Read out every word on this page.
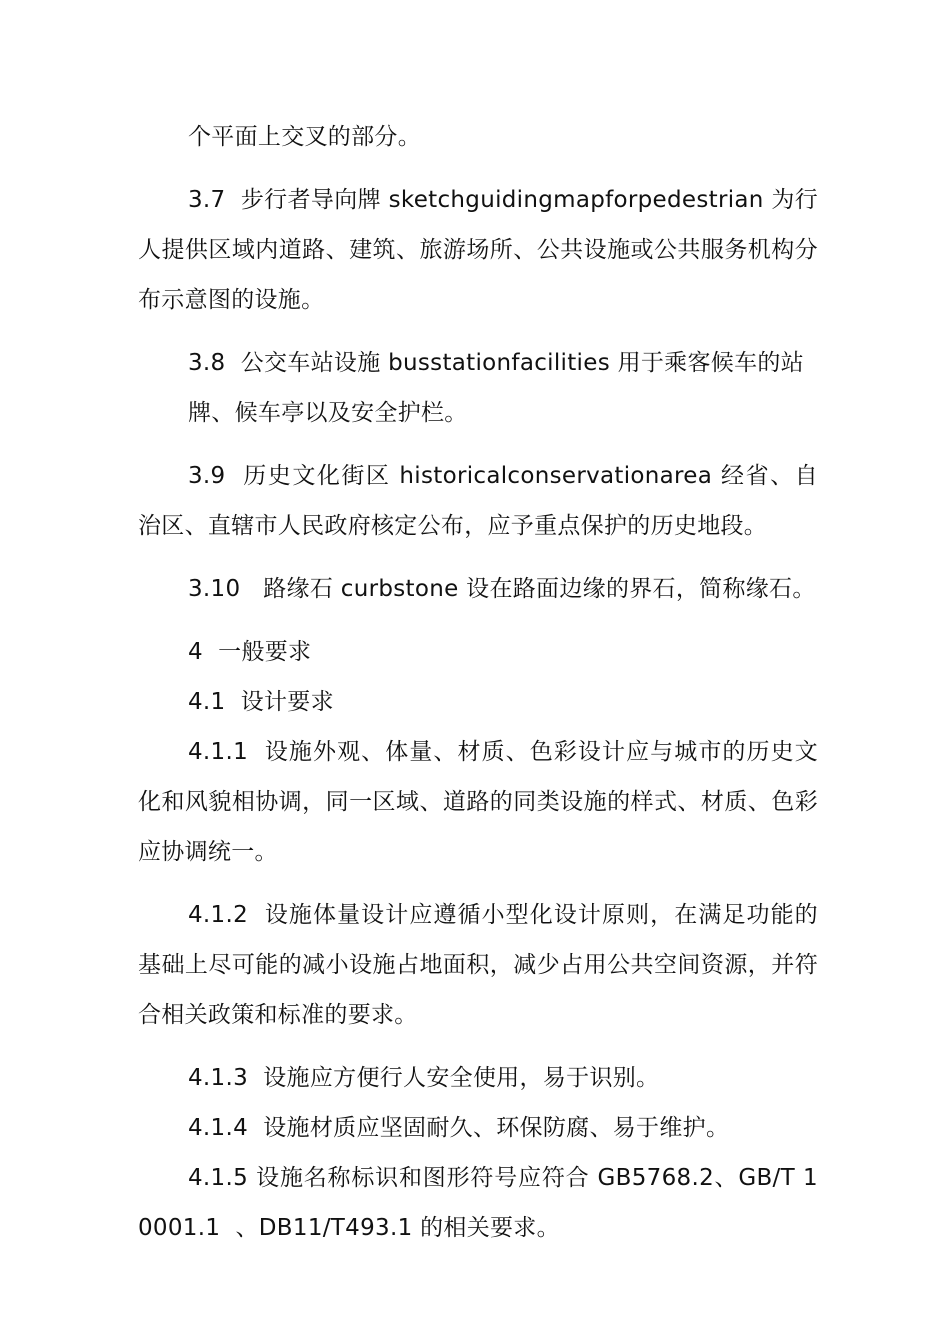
个平面上交叉的部分。

3.7  步行者导向牌 sketchguidingmapforpedestrian 为行人提供区域内道路、建筑、旅游场所、公共设施或公共服务机构分布示意图的设施。

3.8  公交车站设施 busstationfacilities 用于乘客候车的站

牌、候车亭以及安全护栏。

3.9  历史文化街区 historicalconservationarea 经省、自治区、直辖市人民政府核定公布，应予重点保护的历史地段。

3.10   路缘石 curbstone 设在路面边缘的界石，简称缘石。

4  一般要求

4.1  设计要求

4.1.1  设施外观、体量、材质、色彩设计应与城市的历史文化和风貌相协调，同一区域、道路的同类设施的样式、材质、色彩应协调统一。

4.1.2  设施体量设计应遵循小型化设计原则，在满足功能的基础上尽可能的减小设施占地面积，减少占用公共空间资源，并符合相关政策和标准的要求。

4.1.3  设施应方便行人安全使用，易于识别。

4.1.4  设施材质应坚固耐久、环保防腐、易于维护。

4.1.5 设施名称标识和图形符号应符合 GB5768.2、GB/T 10001.1  、DB11/T493.1 的相关要求。
